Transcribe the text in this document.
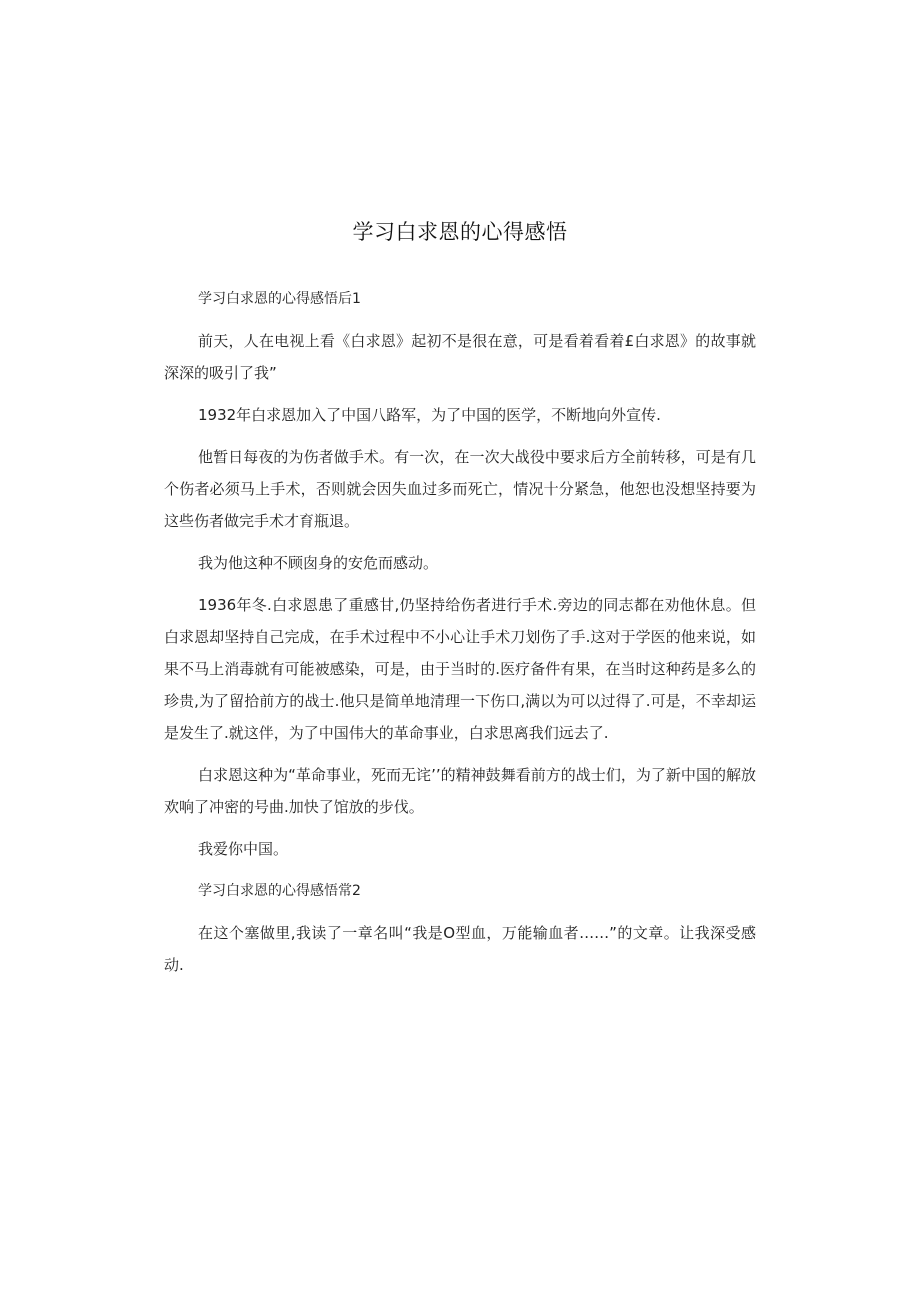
学习白求恩的心得感悟

学习白求恩的心得感悟后1

前天，人在电视上看《白求恩》起初不是很在意，可是看着看着£白求恩》的故事就深深的吸引了我”

1932年白求恩加入了中国八路军，为了中国的医学，不断地向外宣传.

他暂日每夜的为伤者做手术。有一次，在一次大战役中要求后方全前转移，可是有几个伤者必须马上手术，否则就会因失血过多而死亡，情况十分紧急，他恕也没想坚持要为这些伤者做完手术才育瓶退。

我为他这种不顾囱身的安危而感动。

1936年冬.白求恩患了重感甘,仍坚持给伤者进行手术.旁边的同志都在劝他休息。但白求恩却坚持自己完成，在手术过程中不小心让手术刀划伤了手.这对于学医的他来说，如果不马上消毒就有可能被感染，可是，由于当时的.医疗备件有果，在当时这种药是多么的珍贵,为了留拾前方的战士.他只是简单地清理一下伤口,满以为可以过得了.可是，不幸却运是发生了.就这伴，为了中国伟大的革命事业，白求思离我们远去了.

白求恩这种为“革命事业，死而无诧’’的精神鼓舞看前方的战士们，为了新中国的解放欢响了冲密的号曲.加快了馆放的步伐。

我爱你中国。

学习白求恩的心得感悟常2

在这个塞做里,我读了一章名叫“我是O型血，万能输血者……”的文章。让我深受感动.
